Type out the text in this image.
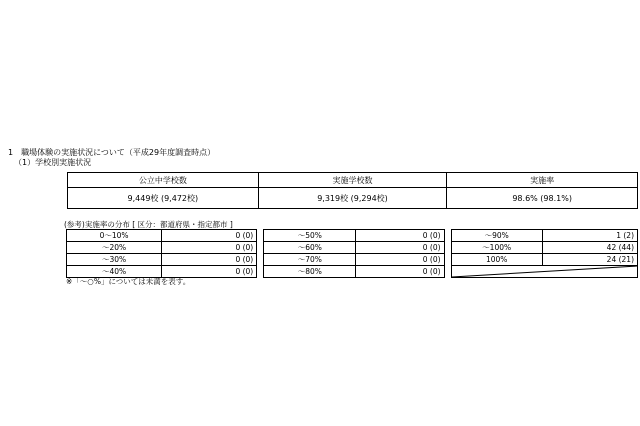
1　職場体験の実施状況について（平成29年度調査時点）
（1）学校別実施状況
公立中学校数	実施学校数	実施率
9,449校 (9,472校)	9,319校 (9,294校)	98.6% (98.1%)
(参考)実施率の分布 [ 区分：都道府県・指定都市 ]
0～10%	0 (0)		～50%	0 (0)		～90%	1 (2)
～20%	0 (0)		～60%	0 (0)		～100%	42 (44)
～30%	0 (0)		～70%	0 (0)		100%	24 (21)
～40%	0 (0)		～80%	0 (0)		
※「～○%」については未満を表す。
